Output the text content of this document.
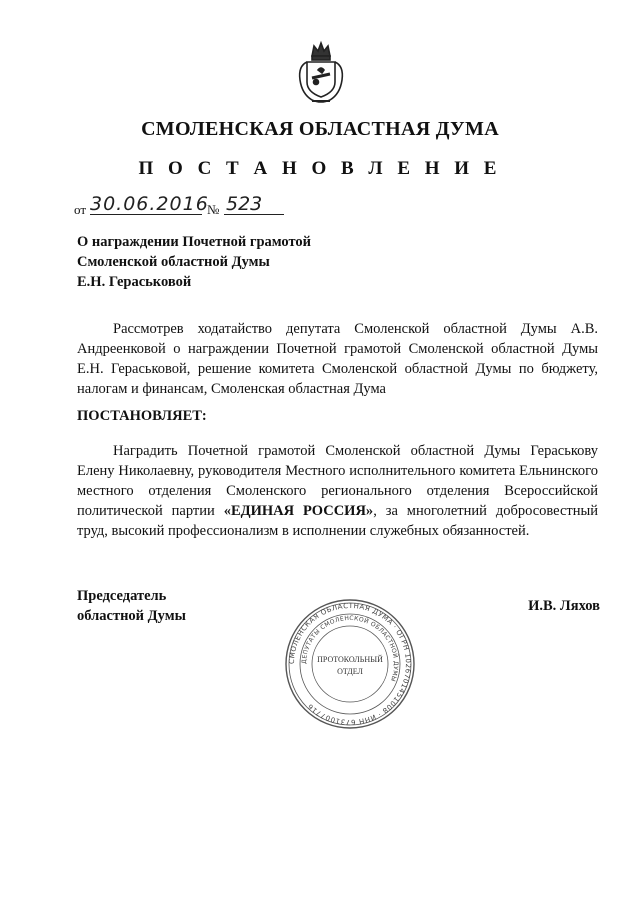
СМОЛЕНСКАЯ ОБЛАСТНАЯ ДУМА
П О С Т А Н О В Л Е Н И Е
от 30.06.2016
№ 523
О награждении Почетной грамотой
Смоленской областной Думы
Е.Н. Гераськовой
Рассмотрев ходатайство депутата Смоленской областной Думы А.В. Андреенковой о награждении Почетной грамотой Смоленской областной Думы Е.Н. Гераськовой, решение комитета Смоленской областной Думы по бюджету, налогам и финансам, Смоленская областная Дума
ПОСТАНОВЛЯЕТ:
Наградить Почетной грамотой Смоленской областной Думы Гераськову Елену Николаевну, руководителя Местного исполнительного комитета Ельнинского местного отделения Смоленского регионального отделения Всероссийской политической партии «ЕДИНАЯ РОССИЯ», за многолетний добросовестный труд, высокий профессионализм в исполнении служебных обязанностей.
Председатель
областной Думы
СМОЛЕНСКАЯ ОБЛАСТНАЯ ДУМА · ОГРН 1026701451008 · ИНН 6731007716
ДЕПУТАТЫ СМОЛЕНСКОЙ ОБЛАСТНОЙ ДУМЫ
ПРОТОКОЛЬНЫЙ
ОТДЕЛ
И.В. Ляхов
